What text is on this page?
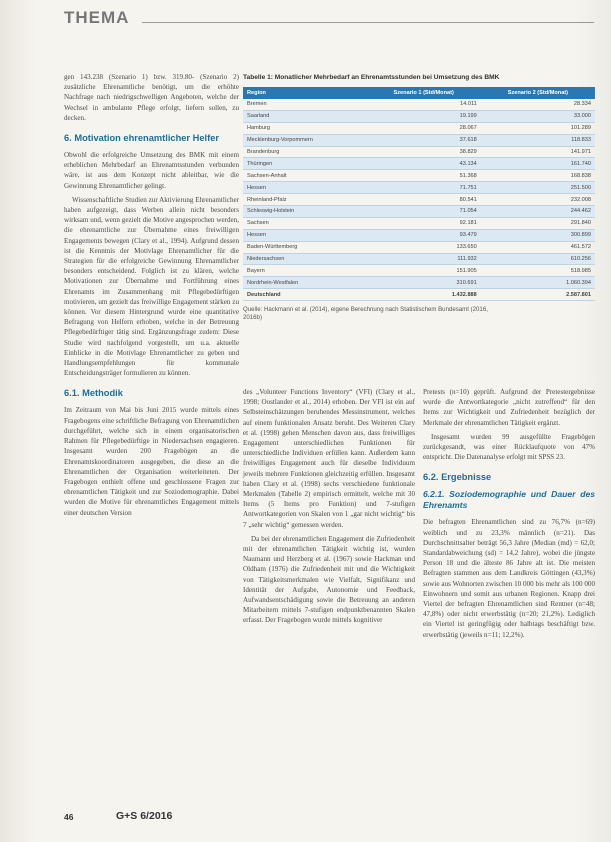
THEMA

gen 143.238 (Szenario 1) bzw. 319.80- (Szenario 2) zusätzliche Ehrenamtliche benötigt, um die erhöhte Nachfrage nach niedrigschwelligen Angeboten, welche der Wechsel in ambulante Pflege erfolgt, liefern sollen, zu decken.

6. Motivation ehrenamtlicher Helfer

Obwohl die erfolgreiche Umsetzung des BMK mit einem erheblichen Mehrbedarf an Ehrenamtsstunden verbunden wäre, ist aus dem Konzept nicht ableitbar, wie die Gewinnung Ehrenamtlicher gelingt.

Wissenschaftliche Studien zur Aktivierung Ehrenamtlicher haben aufgezeigt, dass Werben allein nicht besonders wirksam und, wenn gezielt die Motive angesprochen werden, die ehrenamtliche zur Übernahme eines freiwilligen Engagements bewegen (Clary et al., 1994). Aufgrund dessen ist die Kenntnis der Motivlage Ehrenamtlicher für die Strategien für die erfolgreiche Gewinnung Ehrenamtlicher besonders entscheidend. Folglich ist zu klären, welche Motivationen zur Übernahme und Fortführung eines Ehrenamts im Zusammenhang mit Pflegebedürftigen motivieren, um gezielt das freiwillige Engagement stärken zu können. Vor diesem Hintergrund wurde eine quantitative Befragung von Helfern erhoben, welche in der Betreuung Pflegebedürftiger tätig sind. Ergänzungsfrage zudem: Diese Studie wird nachfolgend vorgestellt, um u.a. aktuelle Einblicke in die Motivlage Ehrenamtlicher zu geben und Handlungsempfehlungen für kommunale Entscheidungsträger formulieren zu können.

6.1. Methodik

Im Zeitraum von Mai bis Juni 2015 wurde mittels eines Fragebogens eine schriftliche Befragung von Ehrenamtlichen durchgeführt, welche sich in einem organisatorischen Rahmen für Pflegebedürftige in Niedersachsen engagieren. Insgesamt wurden 200 Fragebögen an die Ehrenamtskoordinatoren ausgegeben, die diese an die Ehrenamtlichen der Organisation weiterleiteten. Der Fragebogen enthielt offene und geschlossene Fragen zur ehrenamtlichen Tätigkeit und zur Soziodemographie. Dabei wurden die Motive für ehrenamtliches Engagement mittels einer deutschen Version

Tabelle 1: Monatlicher Mehrbedarf an Ehrenamtsstunden bei Umsetzung des BMK
Region	Szenario 1 (Std/Monat)	Szenario 2 (Std/Monat)
Bremen	14.011	28.334
Saarland	19.199	33.000
Hamburg	28.067	101.289
Mecklenburg-Vorpommern	37.618	118.833
Brandenburg	38.829	141.971
Thüringen	43.134	161.740
Sachsen-Anhalt	51.368	168.838
Hessen	71.751	251.500
Rheinland-Pfalz	80.541	232.008
Schleswig-Holstein	71.054	244.462
Sachsen	92.181	291.840
Hessen	93.479	300.899
Baden-Württemberg	133.650	461.572
Niedersachsen	111.932	610.256
Bayern	151.905	518.985
Nordrhein-Westfalen	310.691	1.060.394
Deutschland	1.432.888	2.587.801
Quelle: Hackmann et al. (2014), eigene Berechnung nach Statistischem Bundesamt (2016, 2016b)

des „Volunteer Functions Inventory“ (VFI) (Clary et al., 1998; Oostlander et al., 2014) erhoben. Der VFI ist ein auf Selbsteinschätzungen beruhendes Messinstrument, welches auf einem funktionalen Ansatz beruht. Des Weiteren Clary et al. (1998) gehen Menschen davon aus, dass freiwilliges Engagement unterschiedlichen Funktionen für unterschiedliche Individuen erfüllen kann. Außerdem kann freiwilliges Engagement auch für dieselbe Individuum jeweils mehrere Funktionen gleichzeitig erfüllen. Insgesamt haben Clary et al. (1998) sechs verschiedene funktionale Merkmalen (Tabelle 2) empirisch ermittelt, welche mit 30 Items (5 Items pro Funktion) und 7-stufigen Antwortkategorien von Skalen von 1 „gar nicht wichtig“ bis 7 „sehr wichtig“ gemessen werden.

Da bei der ehrenamtlichen Engagement die Zufriedenheit mit der ehrenamtlichen Tätigkeit wichtig ist, wurden Naumann und Herzberg et al. (1967) sowie Hackman und Oldham (1976) die Zufriedenheit mit und die Wichtigkeit von Tätigkeitsmerkmalen wie Vielfalt, Signifikanz und Identität der Aufgabe, Autonomie und Feedback, Aufwandsentschädigung sowie die Betreuung an anderen Mitarbeitern mittels 7-stufigen endpunktbenannten Skalen erfasst. Der Fragebogen wurde mittels kognitiver

Pretests (n=10) geprüft. Aufgrund der Pretestergebnisse wurde die Antwortkategorie „nicht zutreffend“ für den Items zur Wichtigkeit und Zufriedenheit bezüglich der Merkmale der ehrenamtlichen Tätigkeit ergänzt.

Insgesamt wurden 99 ausgefüllte Fragebögen zurückgesandt, was einer Rücklaufquote von 47% entspricht. Die Datenanalyse erfolgt mit SPSS 23.

6.2. Ergebnisse
6.2.1. Soziodemographie und Dauer des Ehrenamts

Die befragten Ehrenamtlichen sind zu 76,7% (n=69) weiblich und zu 23,3% männlich (n=21). Das Durchschnittsalter beträgt 56,3 Jahre (Median (md) = 62,0; Standardabweichung (sd) = 14,2 Jahre), wobei die jüngste Person 18 und die älteste 86 Jahre alt ist. Die meisten Befragten stammen aus dem Landkreis Göttingen (43,3%) sowie aus Wohnorten zwischen 10 000 bis mehr als 100 000 Einwohnern und somit aus urbanen Regionen. Knapp drei Viertel der befragten Ehrenamtlichen sind Rentner (n=48; 47,8%) oder nicht erwerbstätig (n=20; 21,2%). Lediglich ein Viertel ist geringfügig oder halbtags beschäftigt bzw. erwerbstätig (jeweils n=11; 12,2%).

46	G+S 6/2016
